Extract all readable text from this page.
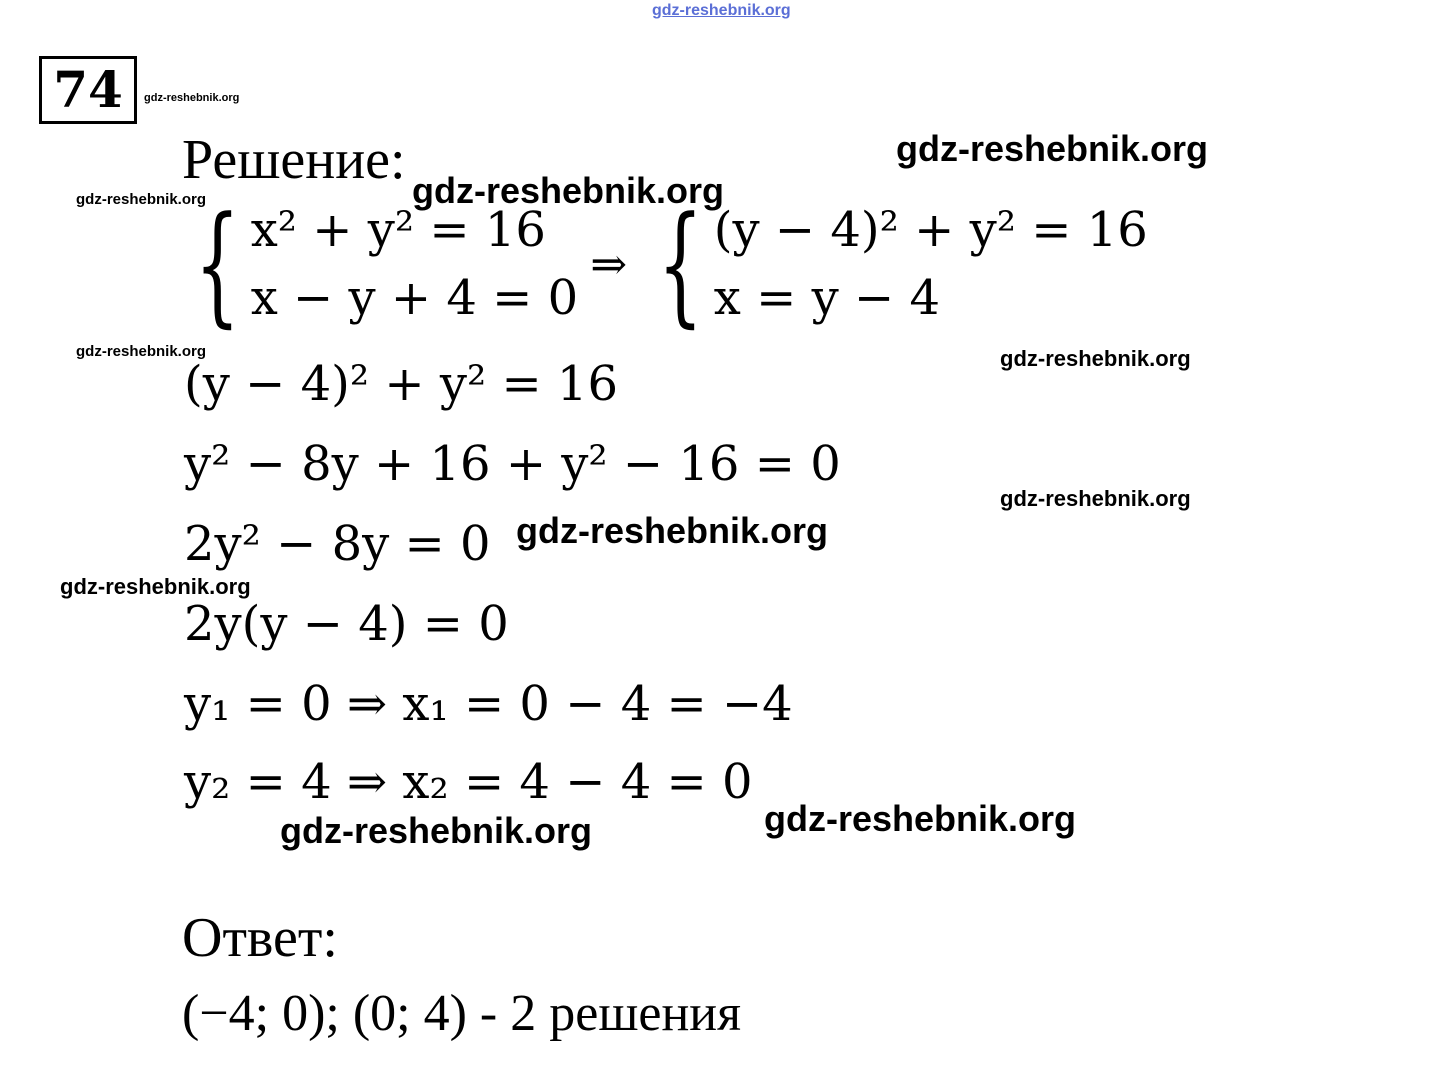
gdz-reshebnik.org
gdz-reshebnik.org
gdz-reshebnik.org
gdz-reshebnik.org
gdz-reshebnik.org
gdz-reshebnik.org	gdz-reshebnik.org
gdz-reshebnik.org
gdz-reshebnik.org
gdz-reshebnik.org
gdz-reshebnik.org
gdz-reshebnik.org
74
Решение:
{ x² + y² = 16
x − y + 4 = 0
⇒ { (y − 4)² + y² = 16
x = y − 4
(y − 4)² + y² = 16
y² − 8y + 16 + y² − 16 = 0
2y² − 8y = 0
2y(y − 4) = 0
y₁ = 0 ⇒ x₁ = 0 − 4 = −4
y₂ = 4 ⇒ x₂ = 4 − 4 = 0
Ответ:
(−4; 0); (0; 4) - 2 решения
